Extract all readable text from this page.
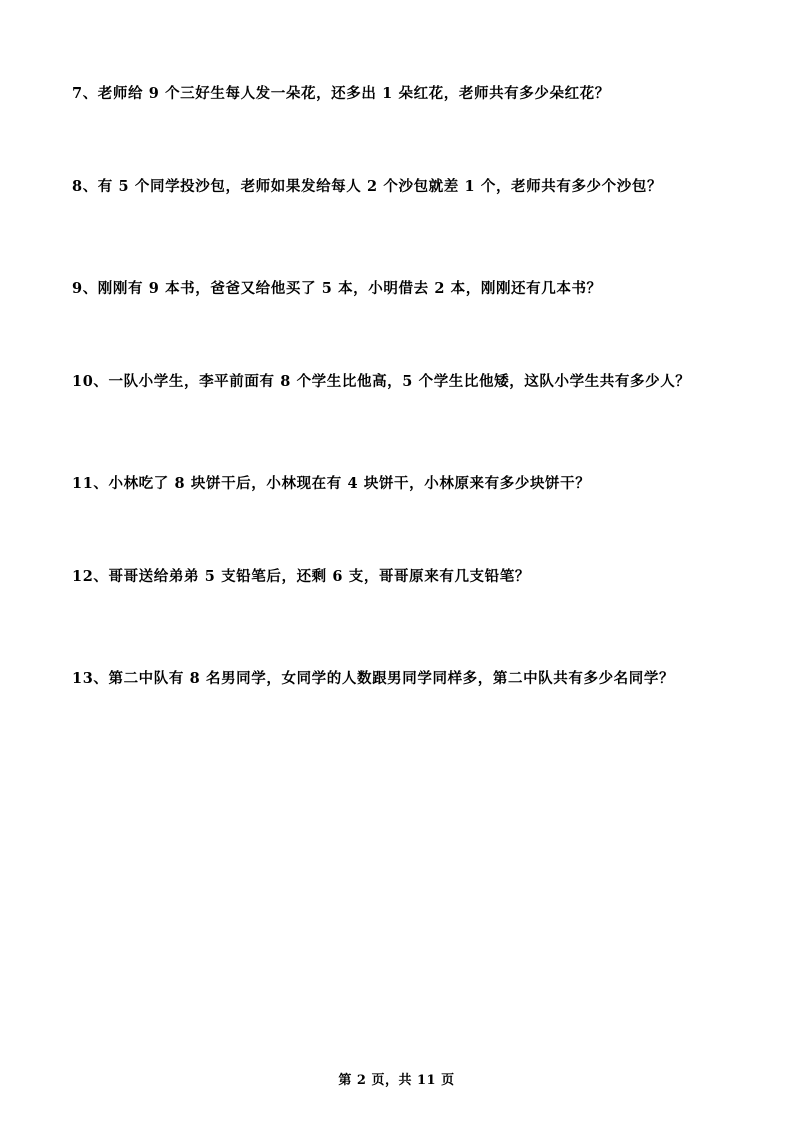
7、老师给 9 个三好生每人发一朵花，还多出 1 朵红花，老师共有多少朵红花？
8、有 5 个同学投沙包，老师如果发给每人 2 个沙包就差 1 个，老师共有多少个沙包？
9、刚刚有 9 本书，爸爸又给他买了 5 本，小明借去 2 本，刚刚还有几本书？
10、一队小学生，李平前面有 8 个学生比他高，5 个学生比他矮，这队小学生共有多少人？
11、小林吃了 8 块饼干后，小林现在有 4 块饼干，小林原来有多少块饼干？
12、哥哥送给弟弟 5 支铅笔后，还剩 6 支，哥哥原来有几支铅笔？
13、第二中队有 8 名男同学，女同学的人数跟男同学同样多，第二中队共有多少名同学？
第 2 页，共 11 页
